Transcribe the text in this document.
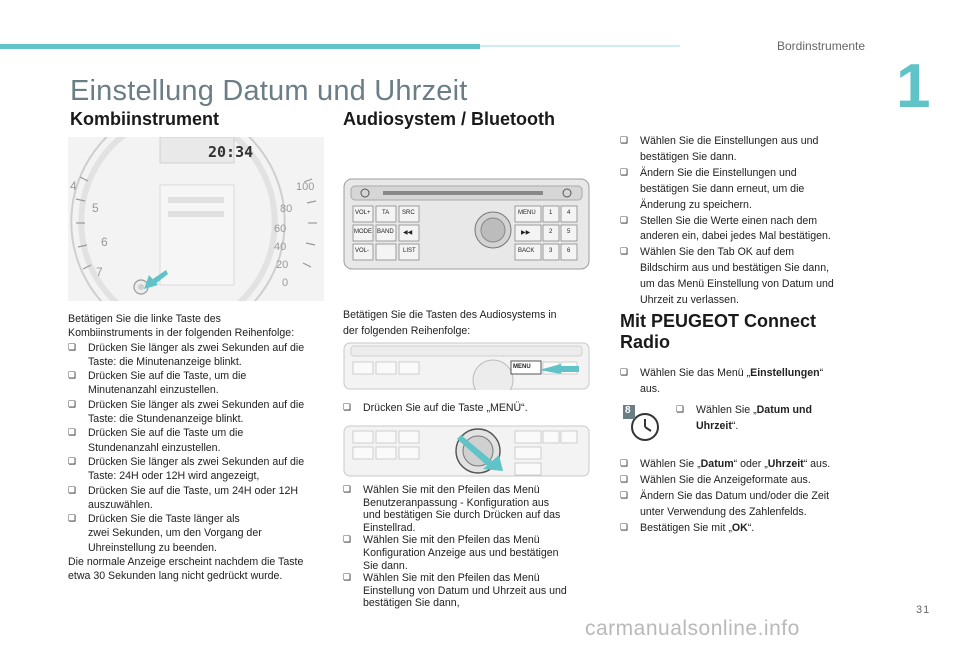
Bordinstrumente
1
Einstellung Datum und Uhrzeit
Kombiinstrument
20:34
4
5
6
7
100
80
60
40
20
0
Betätigen Sie die linke Taste des
Kombiinstruments in der folgenden Reihenfolge:
❏	Drücken Sie länger als zwei Sekunden auf die
Taste: die Minutenanzeige blinkt.
❏	Drücken Sie auf die Taste, um die
Minutenanzahl einzustellen.
❏	Drücken Sie länger als zwei Sekunden auf die
Taste: die Stundenanzeige blinkt.
❏	Drücken Sie auf die Taste um die
Stundenanzahl einzustellen.
❏	Drücken Sie länger als zwei Sekunden auf die
Taste: 24H oder 12H wird angezeigt,
❏	Drücken Sie auf die Taste, um 24H oder 12H
auszuwählen.
❏	Drücken Sie die Taste länger als
zwei Sekunden, um den Vorgang der
Uhreinstellung zu beenden.
Die normale Anzeige erscheint nachdem die Taste
etwa 30 Sekunden lang nicht gedrückt wurde.
Audiosystem / Bluetooth
VOL+ TA SRC
MODE BAND ◀◀
VOL-	LIST
MENU
▶▶
BACK
1 4
2 5
3 6
Betätigen Sie die Tasten des Audiosystems in
der folgenden Reihenfolge:
MENU
❏	Drücken Sie auf die Taste „MENÜ“.
❏	Wählen Sie mit den Pfeilen das Menü
Benutzeranpassung - Konfiguration aus
und bestätigen Sie durch Drücken auf das
Einstellrad.
❏	Wählen Sie mit den Pfeilen das Menü
Konfiguration Anzeige aus und bestätigen
Sie dann.
❏	Wählen Sie mit den Pfeilen das Menü
Einstellung von Datum und Uhrzeit aus und
bestätigen Sie dann,
❏	Wählen Sie die Einstellungen aus und
bestätigen Sie dann.
❏	Ändern Sie die Einstellungen und
bestätigen Sie dann erneut, um die
Änderung zu speichern.
❏	Stellen Sie die Werte einen nach dem
anderen ein, dabei jedes Mal bestätigen.
❏	Wählen Sie den Tab OK auf dem
Bildschirm aus und bestätigen Sie dann,
um das Menü Einstellung von Datum und
Uhrzeit zu verlassen.
Mit PEUGEOT Connect
Radio
❏	Wählen Sie das Menü „Einstellungen“
aus.
8	❏	Wählen Sie „Datum und
Uhrzeit“.
❏	Wählen Sie „Datum“ oder „Uhrzeit“ aus.
❏	Wählen Sie die Anzeigeformate aus.
❏	Ändern Sie das Datum und/oder die Zeit
unter Verwendung des Zahlenfelds.
❏	Bestätigen Sie mit „OK“.
31
carmanualsonline.info
